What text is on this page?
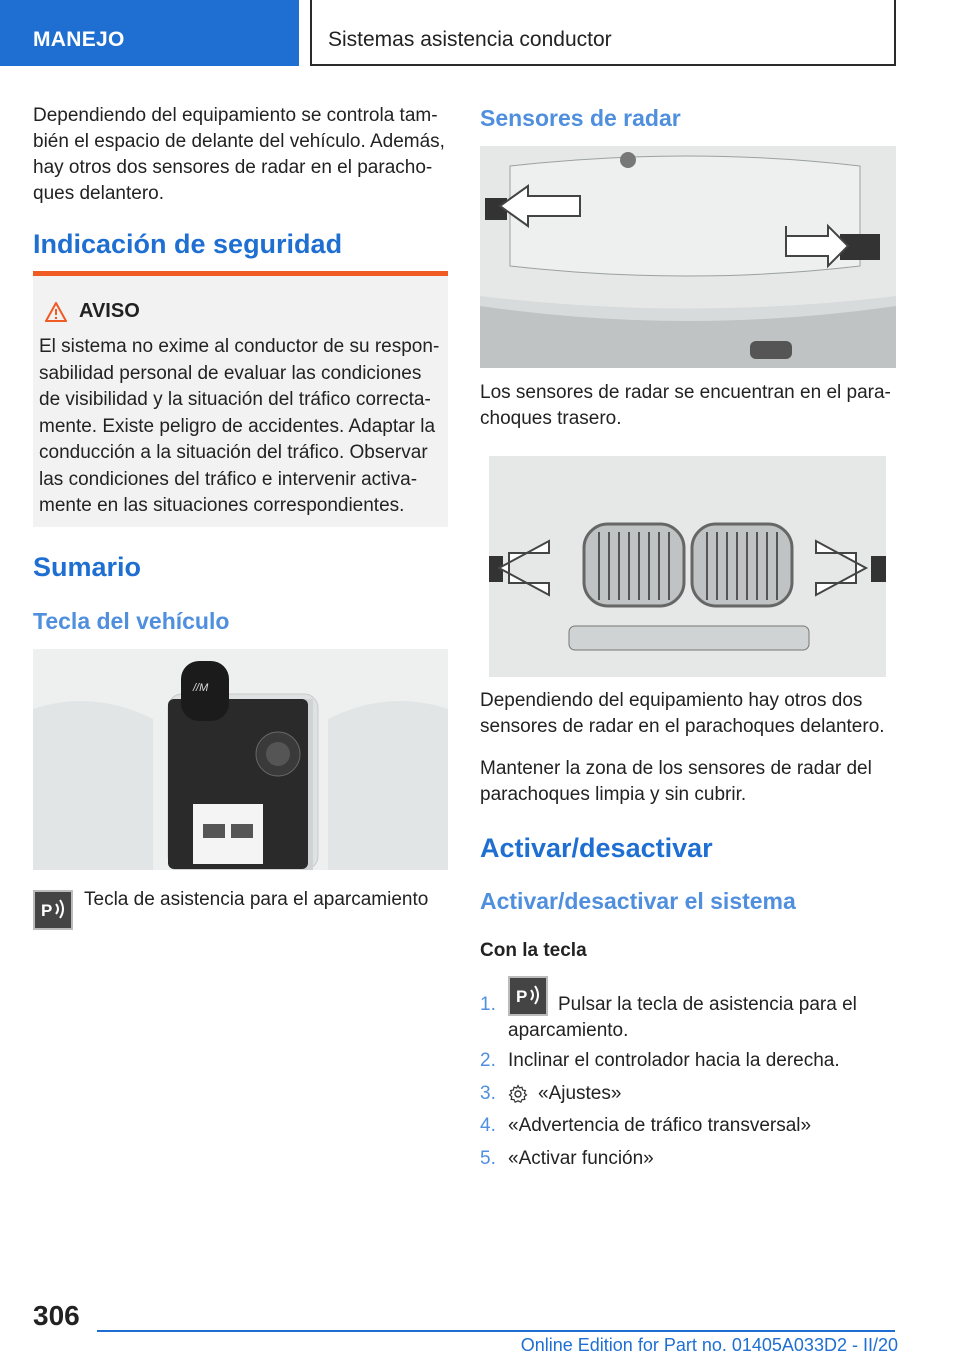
MANEJO	Sistemas asistencia conductor

Dependiendo del equipamiento se controla también el espacio de delante del vehículo. Además, hay otros dos sensores de radar en el parachoques delantero.

Indicación de seguridad
AVISO

El sistema no exime al conductor de su responsabilidad personal de evaluar las condiciones de visibilidad y la situación del tráfico correctamente. Existe peligro de accidentes. Adaptar la conducción a la situación del tráfico. Observar las condiciones del tráfico e intervenir activamente en las situaciones correspondientes.

Sumario
Tecla del vehículo
//M
P

Tecla de asistencia para el aparcamiento

Sensores de radar

Los sensores de radar se encuentran en el parachoques trasero.

Dependiendo del equipamiento hay otros dos sensores de radar en el parachoques delantero.

Mantener la zona de los sensores de radar del parachoques limpia y sin cubrir.

Activar/desactivar
Activar/desactivar el sistema

Con la tecla

1. P Pulsar la tecla de asistencia para el
aparcamiento.
2. Inclinar el controlador hacia la derecha.
3. «Ajustes»
4. «Advertencia de tráfico transversal»
5. «Activar función»
306
Online Edition for Part no. 01405A033D2 - II/20
